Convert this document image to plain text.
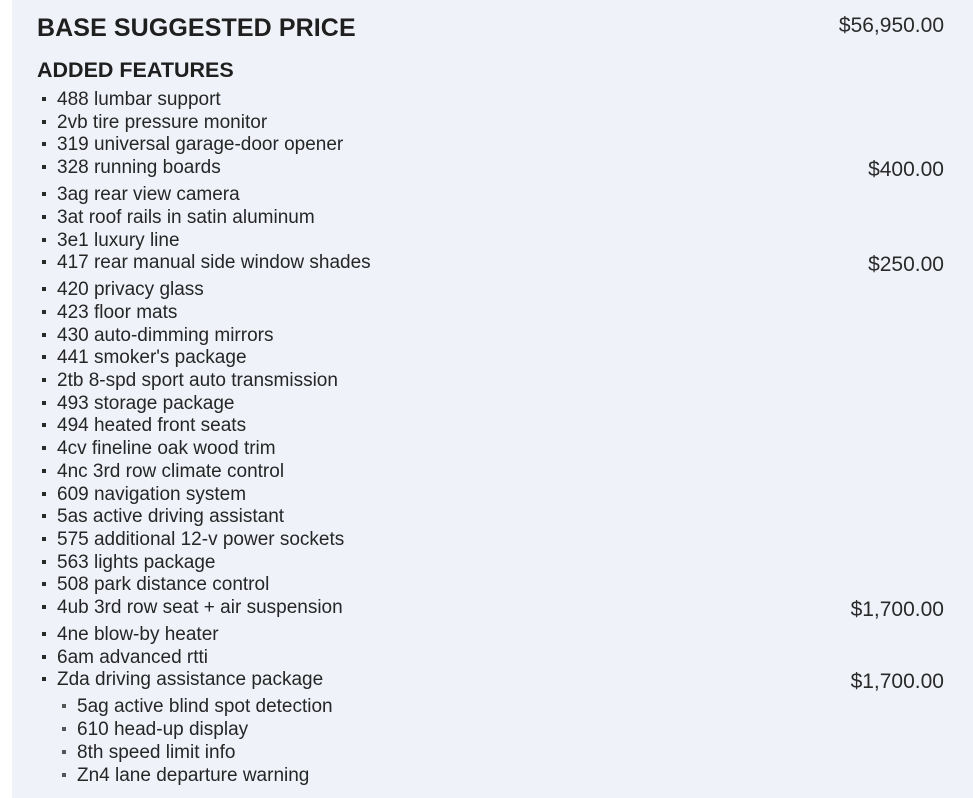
BASE SUGGESTED PRICE	$56,950.00
ADDED FEATURES
488 lumbar support
2vb tire pressure monitor
319 universal garage-door opener
328 running boards	$400.00
3ag rear view camera
3at roof rails in satin aluminum
3e1 luxury line
417 rear manual side window shades	$250.00
420 privacy glass
423 floor mats
430 auto-dimming mirrors
441 smoker's package
2tb 8-spd sport auto transmission
493 storage package
494 heated front seats
4cv fineline oak wood trim
4nc 3rd row climate control
609 navigation system
5as active driving assistant
575 additional 12-v power sockets
563 lights package
508 park distance control
4ub 3rd row seat + air suspension	$1,700.00
4ne blow-by heater
6am advanced rtti
Zda driving assistance package	$1,700.00
5ag active blind spot detection
610 head-up display
8th speed limit info
Zn4 lane departure warning
